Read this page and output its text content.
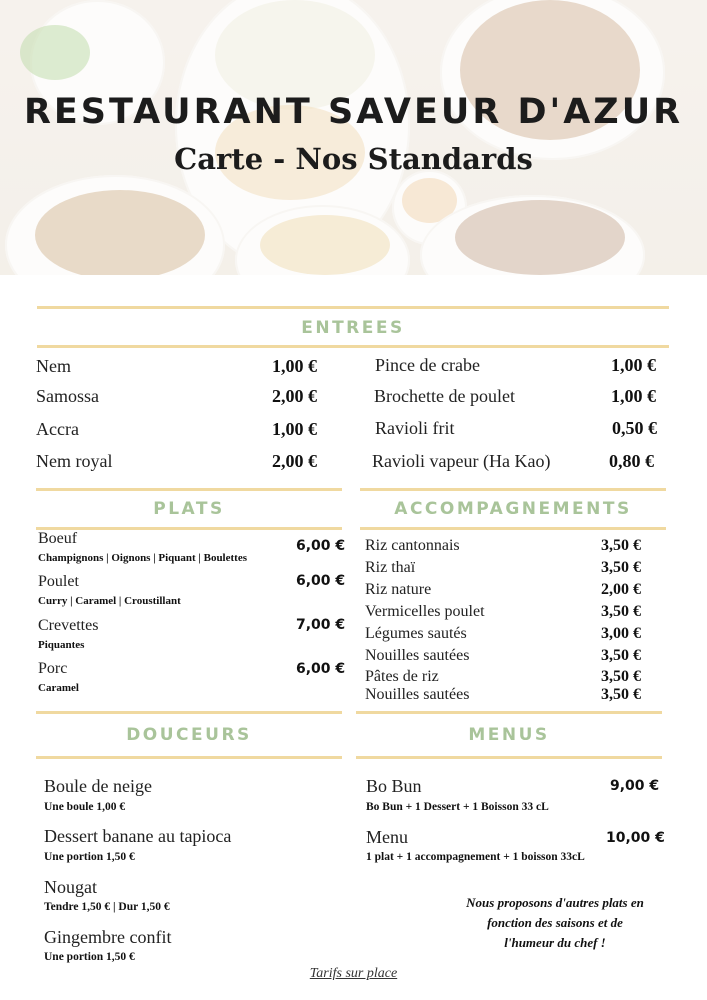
RESTAURANT SAVEUR D'AZUR
Carte - Nos Standards
ENTREES
Nem	1,00 €
Samossa	2,00 €
Accra	1,00 €
Nem royal	2,00 €
Pince de crabe	1,00 €
Brochette de poulet	1,00 €
Ravioli frit	0,50 €
Ravioli vapeur (Ha Kao)	0,80 €
PLATS
Boeuf
Champignons | Oignons | Piquant | Boulettes
6,00 €
Poulet
Curry | Caramel | Croustillant
6,00 €
Crevettes
Piquantes
7,00 €
Porc
Caramel
6,00 €
ACCOMPAGNEMENTS
Riz cantonnais	3,50 €
Riz thaï	3,50 €
Riz nature	2,00 €
Vermicelles poulet	3,50 €
Légumes sautés	3,00 €
Nouilles sautées	3,50 €
Pâtes de riz	3,50 €
Nouilles sautées	3,50 €
DOUCEURS
Boule de neige
Une boule 1,00 €
Dessert banane au tapioca
Une portion 1,50 €
Nougat
Tendre 1,50 € | Dur 1,50 €
Gingembre confit
Une portion 1,50 €
MENUS
Bo Bun	9,00 €
Bo Bun + 1 Dessert + 1 Boisson 33 cL
Menu	10,00 €
1 plat + 1 accompagnement + 1 boisson 33cL
Nous proposons d'autres plats en
fonction des saisons et de
l'humeur du chef !
Tarifs sur place
